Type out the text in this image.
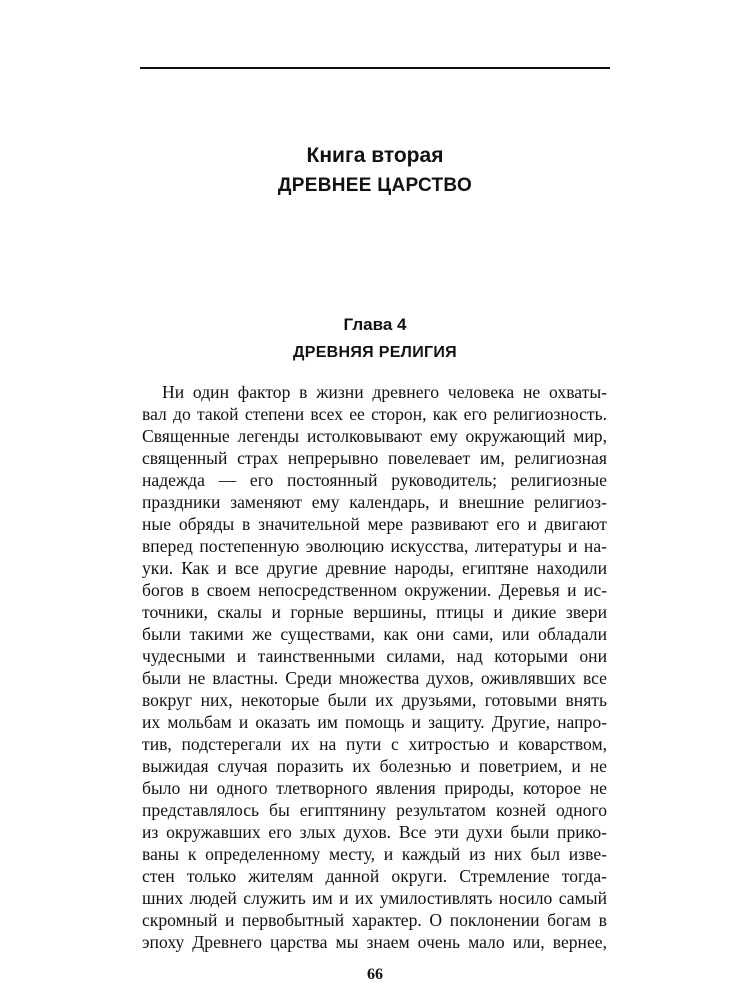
Книга вторая
ДРЕВНЕЕ ЦАРСТВО
Глава 4
ДРЕВНЯЯ РЕЛИГИЯ
Ни один фактор в жизни древнего человека не охваты-
вал до такой степени всех ее сторон, как его религиозность.
Священные легенды истолковывают ему окружающий мир,
священный страх непрерывно повелевает им, религиозная
надежда — его постоянный руководитель; религиозные
праздники заменяют ему календарь, и внешние религиоз-
ные обряды в значительной мере развивают его и двигают
вперед постепенную эволюцию искусства, литературы и на-
уки. Как и все другие древние народы, египтяне находили
богов в своем непосредственном окружении. Деревья и ис-
точники, скалы и горные вершины, птицы и дикие звери
были такими же существами, как они сами, или обладали
чудесными и таинственными силами, над которыми они
были не властны. Среди множества духов, оживлявших все
вокруг них, некоторые были их друзьями, готовыми внять
их мольбам и оказать им помощь и защиту. Другие, напро-
тив, подстерегали их на пути с хитростью и коварством,
выжидая случая поразить их болезнью и поветрием, и не
было ни одного тлетворного явления природы, которое не
представлялось бы египтянину результатом козней одного
из окружавших его злых духов. Все эти духи были прико-
ваны к определенному месту, и каждый из них был изве-
стен только жителям данной округи. Стремление тогда-
шних людей служить им и их умилостивлять носило самый
скромный и первобытный характер. О поклонении богам в
эпоху Древнего царства мы знаем очень мало или, вернее,
66
